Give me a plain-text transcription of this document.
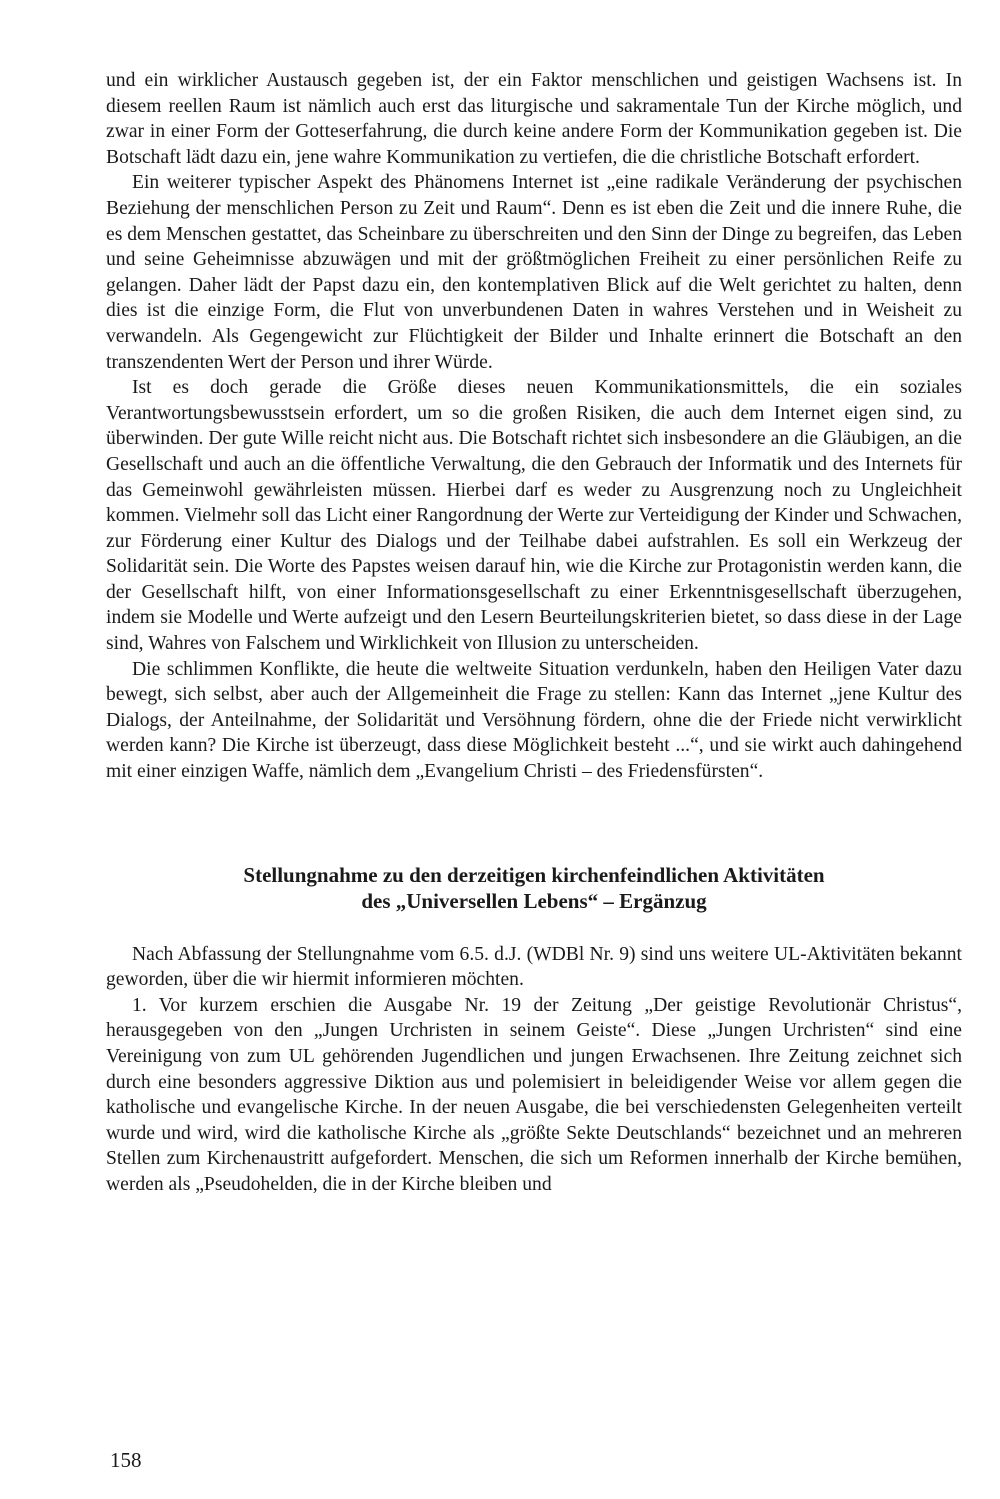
und ein wirklicher Austausch gegeben ist, der ein Faktor menschlichen und geistigen Wachsens ist. In diesem reellen Raum ist nämlich auch erst das liturgische und sakramentale Tun der Kirche möglich, und zwar in einer Form der Gotteserfahrung, die durch keine andere Form der Kommunikation gegeben ist. Die Botschaft lädt dazu ein, jene wahre Kommunikation zu vertiefen, die die christliche Botschaft erfordert.

Ein weiterer typischer Aspekt des Phänomens Internet ist „eine radikale Veränderung der psychischen Beziehung der menschlichen Person zu Zeit und Raum“. Denn es ist eben die Zeit und die innere Ruhe, die es dem Menschen gestattet, das Scheinbare zu überschreiten und den Sinn der Dinge zu begreifen, das Leben und seine Geheimnisse abzuwägen und mit der größtmöglichen Freiheit zu einer persönlichen Reife zu gelangen. Daher lädt der Papst dazu ein, den kontemplativen Blick auf die Welt gerichtet zu halten, denn dies ist die einzige Form, die Flut von unverbundenen Daten in wahres Verstehen und in Weisheit zu verwandeln. Als Gegengewicht zur Flüchtigkeit der Bilder und Inhalte erinnert die Botschaft an den transzendenten Wert der Person und ihrer Würde.

Ist es doch gerade die Größe dieses neuen Kommunikationsmittels, die ein soziales Verantwortungsbewusstsein erfordert, um so die großen Risiken, die auch dem Internet eigen sind, zu überwinden. Der gute Wille reicht nicht aus. Die Botschaft richtet sich insbesondere an die Gläubigen, an die Gesellschaft und auch an die öffentliche Verwaltung, die den Gebrauch der Informatik und des Internets für das Gemeinwohl gewährleisten müssen. Hierbei darf es weder zu Ausgrenzung noch zu Ungleichheit kommen. Vielmehr soll das Licht einer Rangordnung der Werte zur Verteidigung der Kinder und Schwachen, zur Förderung einer Kultur des Dialogs und der Teilhabe dabei aufstrahlen. Es soll ein Werkzeug der Solidarität sein. Die Worte des Papstes weisen darauf hin, wie die Kirche zur Protagonistin werden kann, die der Gesellschaft hilft, von einer Informationsgesellschaft zu einer Erkenntnisgesellschaft überzugehen, indem sie Modelle und Werte aufzeigt und den Lesern Beurteilungskriterien bietet, so dass diese in der Lage sind, Wahres von Falschem und Wirklichkeit von Illusion zu unterscheiden.

Die schlimmen Konflikte, die heute die weltweite Situation verdunkeln, haben den Heiligen Vater dazu bewegt, sich selbst, aber auch der Allgemeinheit die Frage zu stellen: Kann das Internet „jene Kultur des Dialogs, der Anteilnahme, der Solidarität und Versöhnung fördern, ohne die der Friede nicht verwirklicht werden kann? Die Kirche ist überzeugt, dass diese Möglichkeit besteht ...“, und sie wirkt auch dahingehend mit einer einzigen Waffe, nämlich dem „Evangelium Christi – des Friedensfürsten“.

Stellungnahme zu den derzeitigen kirchenfeindlichen Aktivitäten
des „Universellen Lebens“ – Ergänzug

Nach Abfassung der Stellungnahme vom 6.5. d.J. (WDBl Nr. 9) sind uns weitere UL-Aktivitäten bekannt geworden, über die wir hiermit informieren möchten.

1. Vor kurzem erschien die Ausgabe Nr. 19 der Zeitung „Der geistige Revolutionär Christus“, herausgegeben von den „Jungen Urchristen in seinem Geiste“. Diese „Jungen Urchristen“ sind eine Vereinigung von zum UL gehörenden Jugendlichen und jungen Erwachsenen. Ihre Zeitung zeichnet sich durch eine besonders aggressive Diktion aus und polemisiert in beleidigender Weise vor allem gegen die katholische und evangelische Kirche. In der neuen Ausgabe, die bei verschiedensten Gelegenheiten verteilt wurde und wird, wird die katholische Kirche als „größte Sekte Deutschlands“ bezeichnet und an mehreren Stellen zum Kirchenaustritt aufgefordert. Menschen, die sich um Reformen innerhalb der Kirche bemühen, werden als „Pseudohelden, die in der Kirche bleiben und

158
